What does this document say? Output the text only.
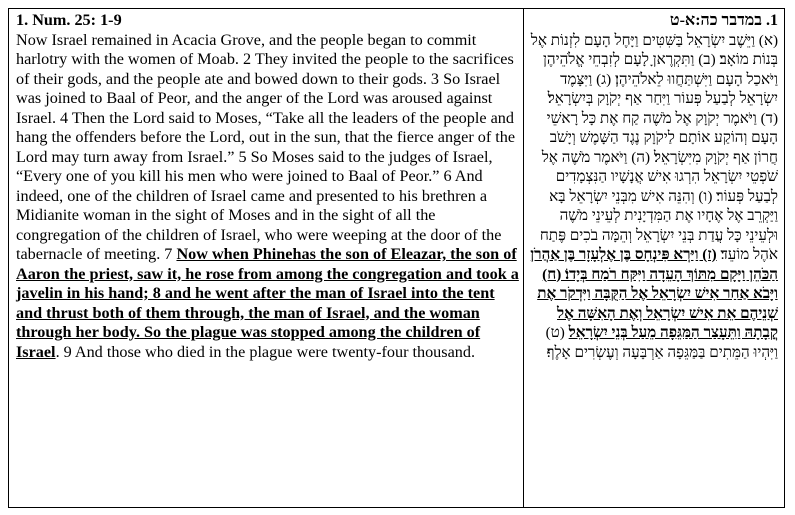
1. Num. 25: 1-9
Now Israel remained in Acacia Grove, and the people began to commit harlotry with the women of Moab. 2 They invited the people to the sacrifices of their gods, and the people ate and bowed down to their gods. 3 So Israel was joined to Baal of Peor, and the anger of the Lord was aroused against Israel. 4 Then the Lord said to Moses, “Take all the leaders of the people and hang the offenders before the Lord, out in the sun, that the fierce anger of the Lord may turn away from Israel.” 5 So Moses said to the judges of Israel, “Every one of you kill his men who were joined to Baal of Peor.” 6 And indeed, one of the children of Israel came and presented to his brethren a Midianite woman in the sight of Moses and in the sight of all the congregation of the children of Israel, who were weeping at the door of the tabernacle of meeting. 7 Now when Phinehas the son of Eleazar, the son of Aaron the priest, saw it, he rose from among the congregation and took a javelin in his hand; 8 and he went after the man of Israel into the tent and thrust both of them through, the man of Israel, and the woman through her body. So the plague was stopped among the children of Israel. 9 And those who died in the plague were twenty-four thousand.
1. במדבר כה:א-ט
(א) וַיֵּשֶׁב יִשְׂרָאֵל בַּשִּׁטִּים וַיָּחֶל הָעָם לִזְנוֹת אֶל בְּנוֹת מוֹאָב׃ (ב) וַתִּקְרֶאןָ לָעָם לְזִבְחֵי אֱלֹהֵיהֶן וַיֹּאכַל הָעָם וַיִּשְׁתַּחֲווּ לֵאלֹהֵיהֶן׃ (ג) וַיִּצָּמֶד יִשְׂרָאֵל לְבַעַל פְּעוֹר וַיִּחַר אַף יְקֹוָק בְּיִשְׂרָאֵל׃ (ד) וַיֹּאמֶר יְקֹוָק אֶל מֹשֶׁה קַח אֶת כָּל רָאשֵׁי הָעָם וְהוֹקַע אוֹתָם לַיקֹוָק נֶגֶד הַשָּׁמֶשׁ וְיָשֹׁב חֲרוֹן אַף יְקֹוָק מִיִּשְׂרָאֵל׃ (ה) וַיֹּאמֶר מֹשֶׁה אֶל שֹׁפְטֵי יִשְׂרָאֵל הִרְגוּ אִישׁ אֲנָשָׁיו הַנִּצְמָדִים לְבַעַל פְּעוֹר׃ (ו) וְהִנֵּה אִישׁ מִבְּנֵי יִשְׂרָאֵל בָּא וַיַּקְרֵב אֶל אֶחָיו אֶת הַמִּדְיָנִית לְעֵינֵי מֹשֶׁה וּלְעֵינֵי כָּל עֲדַת בְּנֵי יִשְׂרָאֵל וְהֵמָּה בֹכִים פֶּתַח אֹהֶל מוֹעֵד׃ (ז) וַיַּרְא פִּינְחָס בֶּן אֶלְעָזָר בֶּן אַהֲרֹן הַכֹּהֵן וַיָּקָם מִתּוֹךְ הָעֵדָה וַיִּקַּח רֹמַח בְּיָדוֹ׃ (ח) וַיָּבֹא אַחַר אִישׁ יִשְׂרָאֵל אֶל הַקֻּבָּה וַיִּדְקֹר אֶת שְׁנֵיהֶם אֵת אִישׁ יִשְׂרָאֵל וְאֶת הָאִשָּׁה אֶל קֳבָתָהּ וַתֵּעָצַר הַמַּגֵּפָה מֵעַל בְּנֵי יִשְׂרָאֵל׃ (ט) וַיִּהְיוּ הַמֵּתִים בַּמַּגֵּפָה אַרְבָּעָה וְעֶשְׂרִים אָלֶף׃
